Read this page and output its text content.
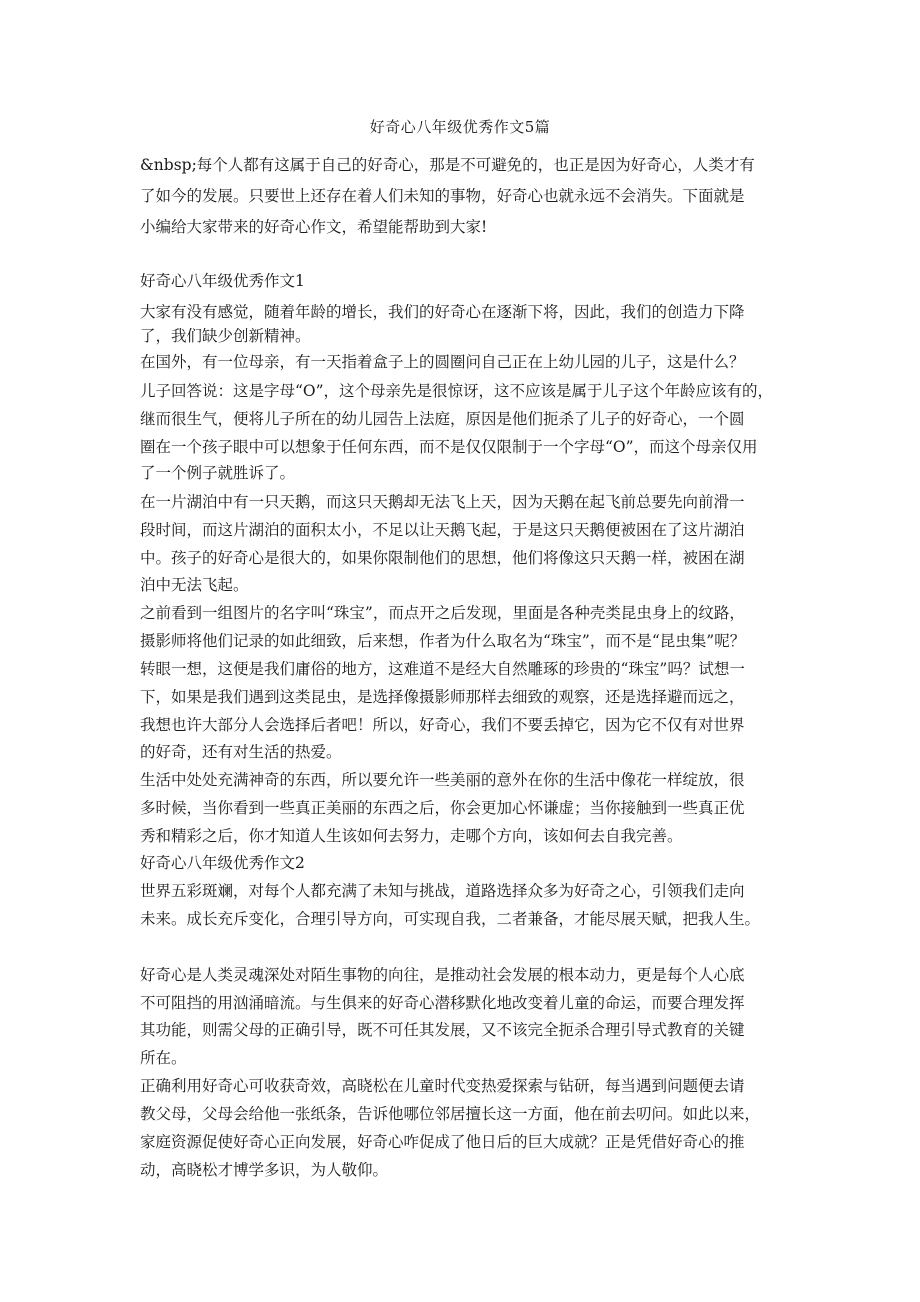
好奇心八年级优秀作文5篇
&nbsp;每个人都有这属于自己的好奇心，那是不可避免的，也正是因为好奇心，人类才有
了如今的发展。只要世上还存在着人们未知的事物，好奇心也就永远不会消失。下面就是
小编给大家带来的好奇心作文，希望能帮助到大家!
好奇心八年级优秀作文1
大家有没有感觉，随着年龄的增长，我们的好奇心在逐渐下将，因此，我们的创造力下降
了，我们缺少创新精神。
在国外，有一位母亲，有一天指着盒子上的圆圈问自己正在上幼儿园的儿子，这是什么？
儿子回答说：这是字母“O”，这个母亲先是很惊讶，这不应该是属于儿子这个年龄应该有的，
继而很生气，便将儿子所在的幼儿园告上法庭，原因是他们扼杀了儿子的好奇心，一个圆
圈在一个孩子眼中可以想象于任何东西，而不是仅仅限制于一个字母“O”，而这个母亲仅用
了一个例子就胜诉了。
在一片湖泊中有一只天鹅，而这只天鹅却无法飞上天，因为天鹅在起飞前总要先向前滑一
段时间，而这片湖泊的面积太小，不足以让天鹅飞起，于是这只天鹅便被困在了这片湖泊
中。孩子的好奇心是很大的，如果你限制他们的思想，他们将像这只天鹅一样，被困在湖
泊中无法飞起。
之前看到一组图片的名字叫“珠宝”，而点开之后发现，里面是各种壳类昆虫身上的纹路，
摄影师将他们记录的如此细致，后来想，作者为什么取名为“珠宝”，而不是“昆虫集”呢？
转眼一想，这便是我们庸俗的地方，这难道不是经大自然雕琢的珍贵的“珠宝”吗？试想一
下，如果是我们遇到这类昆虫，是选择像摄影师那样去细致的观察，还是选择避而远之，
我想也许大部分人会选择后者吧！所以，好奇心，我们不要丢掉它，因为它不仅有对世界
的好奇，还有对生活的热爱。
生活中处处充满神奇的东西，所以要允许一些美丽的意外在你的生活中像花一样绽放，很
多时候，当你看到一些真正美丽的东西之后，你会更加心怀谦虚；当你接触到一些真正优
秀和精彩之后，你才知道人生该如何去努力，走哪个方向，该如何去自我完善。
好奇心八年级优秀作文2
世界五彩斑斓，对每个人都充满了未知与挑战，道路选择众多为好奇之心，引领我们走向
未来。成长充斥变化，合理引导方向，可实现自我，二者兼备，才能尽展天赋，把我人生。
好奇心是人类灵魂深处对陌生事物的向往，是推动社会发展的根本动力，更是每个人心底
不可阻挡的用汹涌暗流。与生俱来的好奇心潜移默化地改变着儿童的命运，而要合理发挥
其功能，则需父母的正确引导，既不可任其发展，又不该完全扼杀合理引导式教育的关键
所在。
正确利用好奇心可收获奇效，高晓松在儿童时代变热爱探索与钻研，每当遇到问题便去请
教父母，父母会给他一张纸条，告诉他哪位邻居擅长这一方面，他在前去叨问。如此以来，
家庭资源促使好奇心正向发展，好奇心咋促成了他日后的巨大成就？正是凭借好奇心的推
动，高晓松才博学多识，为人敬仰。
